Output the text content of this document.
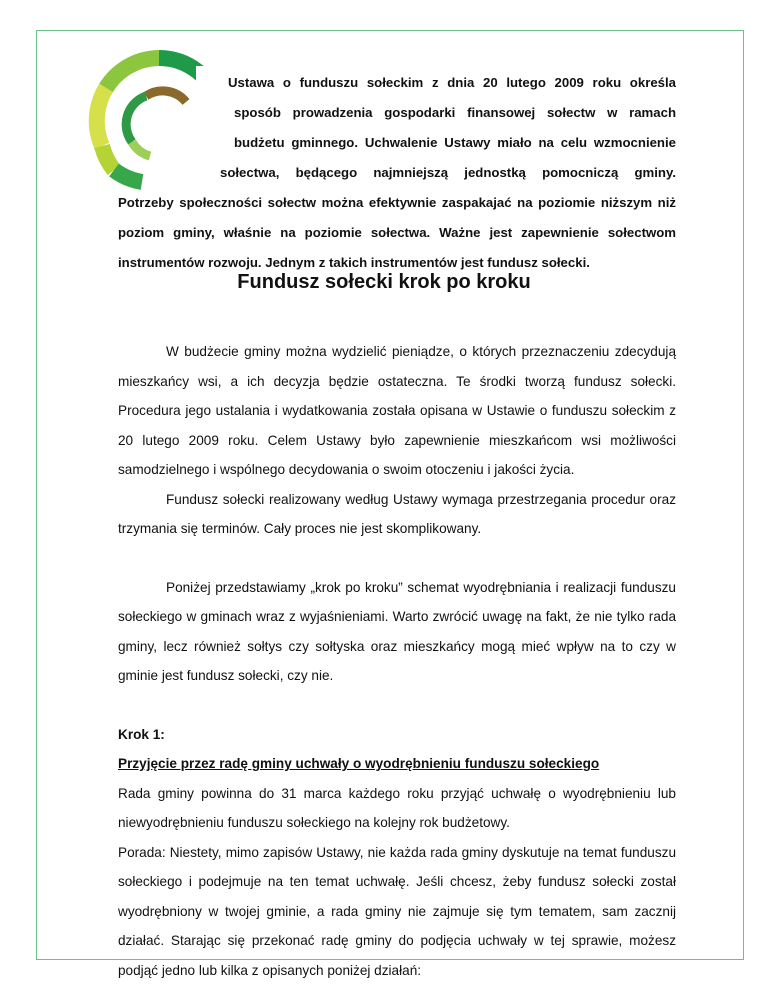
Ustawa o funduszu sołeckim z dnia 20 lutego 2009 roku określa

sposób prowadzenia gospodarki finansowej sołectw w ramach

budżetu gminnego. Uchwalenie Ustawy miało na celu wzmocnienie

sołectwa, będącego najmniejszą jednostką pomocniczą gminy.

Potrzeby społeczności sołectw można efektywnie zaspakajać na poziomie niższym niż poziom gminy, właśnie na poziomie sołectwa. Ważne jest zapewnienie sołectwom instrumentów rozwoju. Jednym z takich instrumentów jest fundusz sołecki.

Fundusz sołecki krok po kroku

W budżecie gminy można wydzielić pieniądze, o których przeznaczeniu zdecydują mieszkańcy wsi, a ich decyzja będzie ostateczna. Te środki tworzą fundusz sołecki. Procedura jego ustalania i wydatkowania została opisana w Ustawie o funduszu sołeckim z 20 lutego 2009 roku. Celem Ustawy było zapewnienie mieszkańcom wsi możliwości samodzielnego i wspólnego decydowania o swoim otoczeniu i jakości życia.

Fundusz sołecki realizowany według Ustawy wymaga przestrzegania procedur oraz trzymania się terminów. Cały proces nie jest skomplikowany.

Poniżej przedstawiamy „krok po kroku” schemat wyodrębniania i realizacji funduszu sołeckiego w gminach wraz z wyjaśnieniami. Warto zwrócić uwagę na fakt, że nie tylko rada gminy, lecz również sołtys czy sołtyska oraz mieszkańcy mogą mieć wpływ na to czy w gminie jest fundusz sołecki, czy nie.

Krok 1:

Przyjęcie przez radę gminy uchwały o wyodrębnieniu funduszu sołeckiego

Rada gminy powinna do 31 marca każdego roku przyjąć uchwałę o wyodrębnieniu lub niewyodrębnieniu funduszu sołeckiego na kolejny rok budżetowy.

Porada: Niestety, mimo zapisów Ustawy, nie każda rada gminy dyskutuje na temat funduszu sołeckiego i podejmuje na ten temat uchwałę. Jeśli chcesz, żeby fundusz sołecki został wyodrębniony w twojej gminie, a rada gminy nie zajmuje się tym tematem, sam zacznij działać. Starając się przekonać radę gminy do podjęcia uchwały w tej sprawie, możesz podjąć jedno lub kilka z opisanych poniżej działań:
